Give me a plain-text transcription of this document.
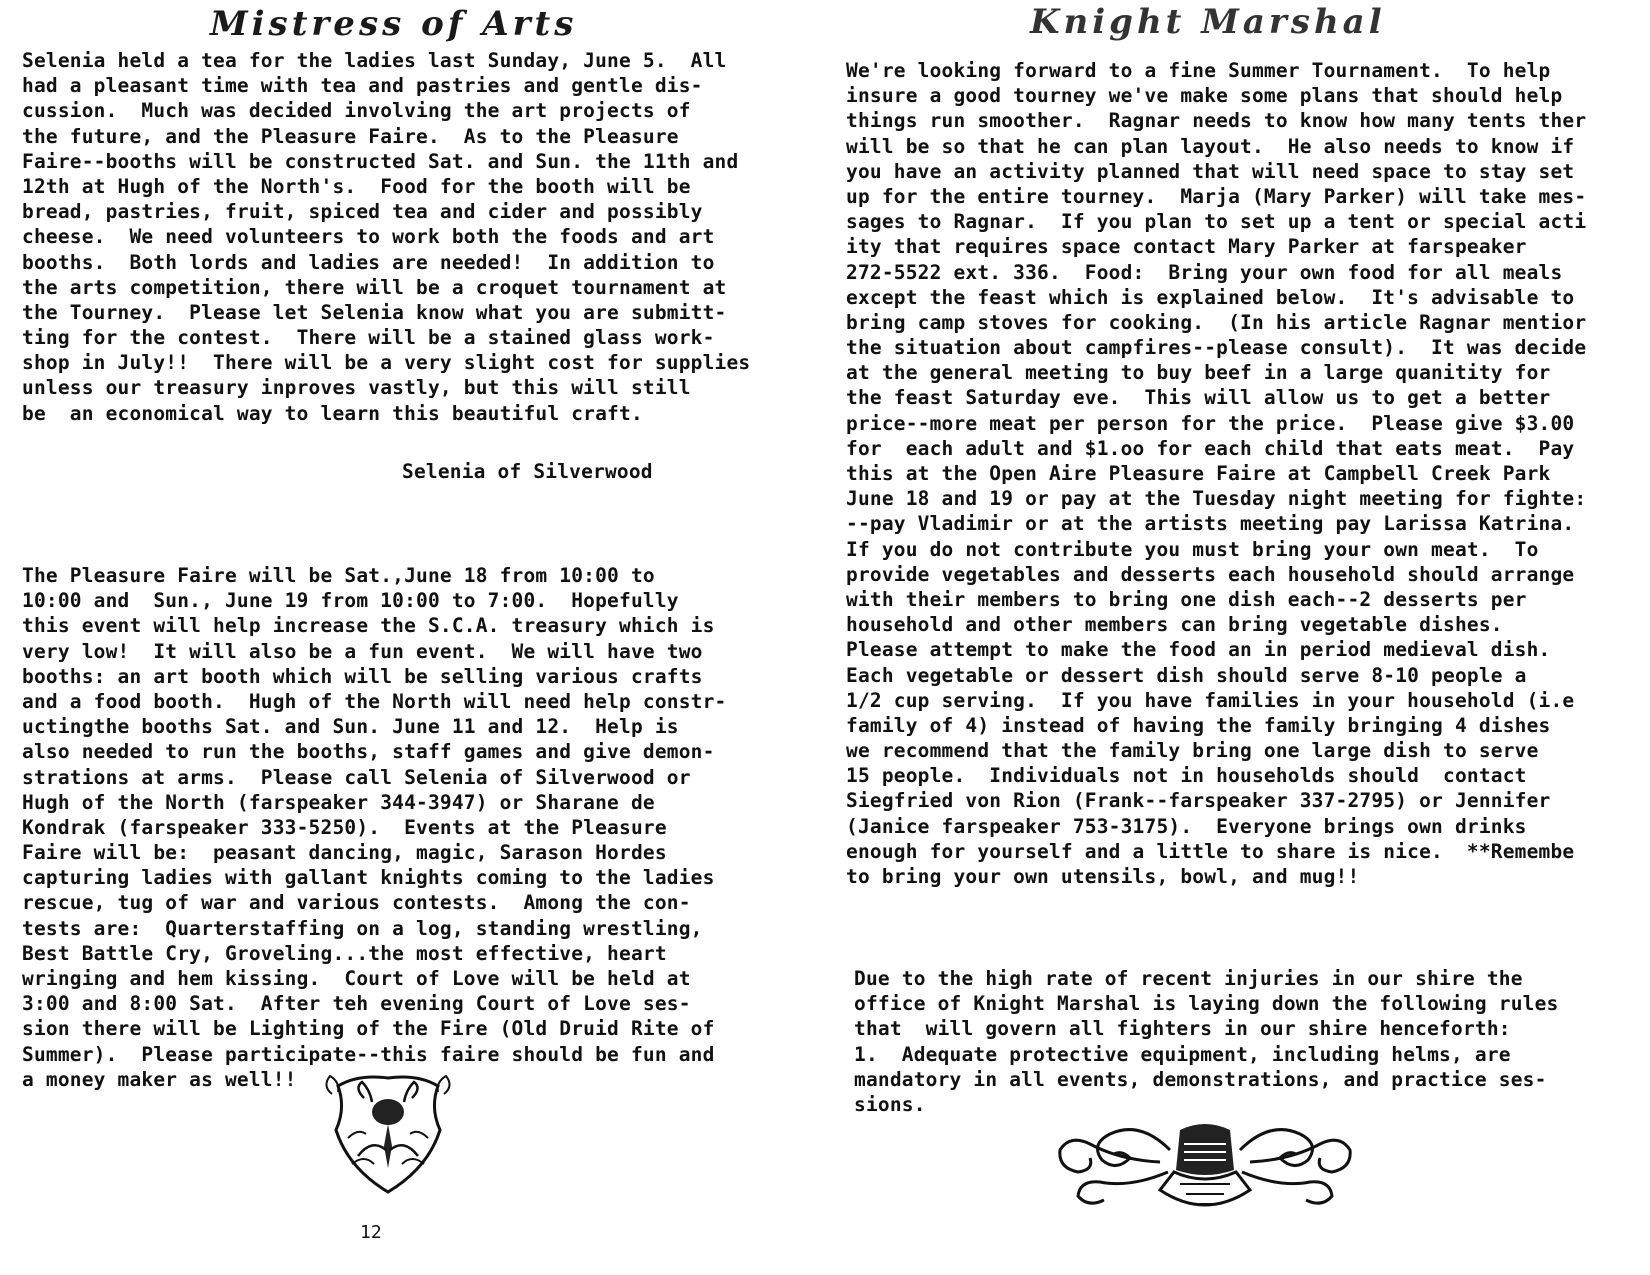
Mistress of Arts
Selenia held a tea for the ladies last Sunday, June 5.  All
had a pleasant time with tea and pastries and gentle dis-
cussion.  Much was decided involving the art projects of
the future, and the Pleasure Faire.  As to the Pleasure
Faire--booths will be constructed Sat. and Sun. the 11th and
12th at Hugh of the North's.  Food for the booth will be
bread, pastries, fruit, spiced tea and cider and possibly
cheese.  We need volunteers to work both the foods and art
booths.  Both lords and ladies are needed!  In addition to
the arts competition, there will be a croquet tournament at
the Tourney.  Please let Selenia know what you are submitt-
ting for the contest.  There will be a stained glass work-
shop in July!!  There will be a very slight cost for supplies
unless our treasury inproves vastly, but this will still
be  an economical way to learn this beautiful craft.
Selenia of Silverwood
The Pleasure Faire will be Sat.,June 18 from 10:00 to
10:00 and  Sun., June 19 from 10:00 to 7:00.  Hopefully
this event will help increase the S.C.A. treasury which is
very low!  It will also be a fun event.  We will have two
booths: an art booth which will be selling various crafts
and a food booth.  Hugh of the North will need help constr-
uctingthe booths Sat. and Sun. June 11 and 12.  Help is
also needed to run the booths, staff games and give demon-
strations at arms.  Please call Selenia of Silverwood or
Hugh of the North (farspeaker 344-3947) or Sharane de
Kondrak (farspeaker 333-5250).  Events at the Pleasure
Faire will be:  peasant dancing, magic, Sarason Hordes
capturing ladies with gallant knights coming to the ladies
rescue, tug of war and various contests.  Among the con-
tests are:  Quarterstaffing on a log, standing wrestling,
Best Battle Cry, Groveling...the most effective, heart
wringing and hem kissing.  Court of Love will be held at
3:00 and 8:00 Sat.  After teh evening Court of Love ses-
sion there will be Lighting of the Fire (Old Druid Rite of
Summer).  Please participate--this faire should be fun and
a money maker as well!!
12
Knight Marshal
We're looking forward to a fine Summer Tournament.  To help
insure a good tourney we've make some plans that should help
things run smoother.  Ragnar needs to know how many tents ther
will be so that he can plan layout.  He also needs to know if
you have an activity planned that will need space to stay set
up for the entire tourney.  Marja (Mary Parker) will take mes-
sages to Ragnar.  If you plan to set up a tent or special acti
ity that requires space contact Mary Parker at farspeaker
272-5522 ext. 336.  Food:  Bring your own food for all meals
except the feast which is explained below.  It's advisable to
bring camp stoves for cooking.  (In his article Ragnar mentior
the situation about campfires--please consult).  It was decide
at the general meeting to buy beef in a large quanitity for
the feast Saturday eve.  This will allow us to get a better
price--more meat per person for the price.  Please give $3.00
for  each adult and $1.oo for each child that eats meat.  Pay
this at the Open Aire Pleasure Faire at Campbell Creek Park
June 18 and 19 or pay at the Tuesday night meeting for fighte:
--pay Vladimir or at the artists meeting pay Larissa Katrina.
If you do not contribute you must bring your own meat.  To
provide vegetables and desserts each household should arrange
with their members to bring one dish each--2 desserts per
household and other members can bring vegetable dishes.
Please attempt to make the food an in period medieval dish.
Each vegetable or dessert dish should serve 8-10 people a
1/2 cup serving.  If you have families in your household (i.e
family of 4) instead of having the family bringing 4 dishes
we recommend that the family bring one large dish to serve
15 people.  Individuals not in households should  contact
Siegfried von Rion (Frank--farspeaker 337-2795) or Jennifer
(Janice farspeaker 753-3175).  Everyone brings own drinks
enough for yourself and a little to share is nice.  **Remembe
to bring your own utensils, bowl, and mug!!
Due to the high rate of recent injuries in our shire the
office of Knight Marshal is laying down the following rules
that  will govern all fighters in our shire henceforth:
1.  Adequate protective equipment, including helms, are
mandatory in all events, demonstrations, and practice ses-
sions.
